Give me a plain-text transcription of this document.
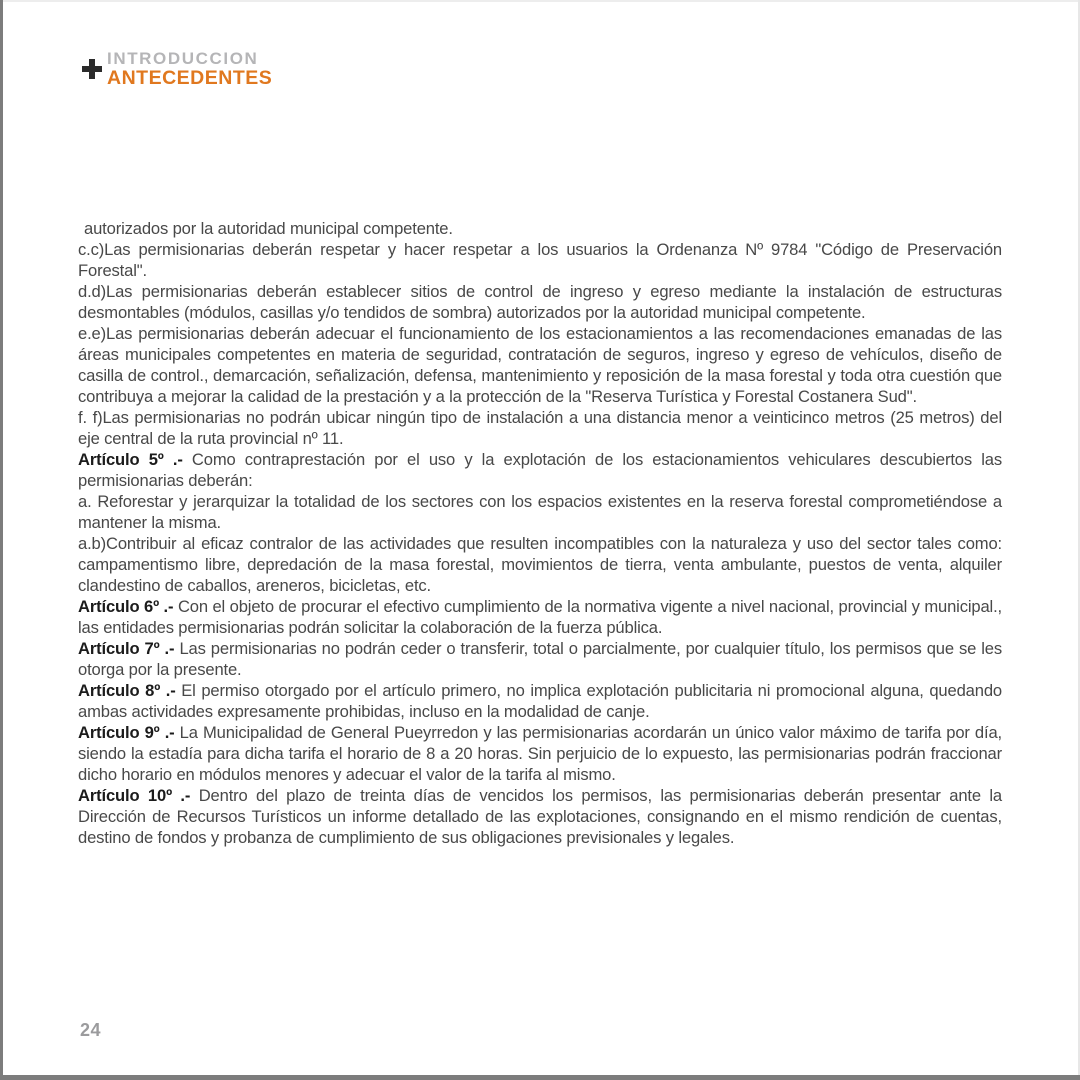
INTRODUCCION
ANTECEDENTES

autorizados por la autoridad municipal competente.

c.c)Las permisionarias deberán respetar y hacer respetar a los usuarios la Ordenanza Nº 9784 "Código de Preservación Forestal".

d.d)Las permisionarias deberán establecer sitios de control de ingreso y egreso mediante la instalación de estructuras desmontables (módulos, casillas y/o tendidos de sombra) autorizados por la autoridad municipal competente.

e.e)Las permisionarias deberán adecuar el funcionamiento de los estacionamientos a las recomendaciones emanadas de las áreas municipales competentes en materia de seguridad, contratación de seguros, ingreso y egreso de vehículos, diseño de casilla de control., demarcación, señalización, defensa, mantenimiento y reposición de la masa forestal y toda otra cuestión que contribuya a mejorar la calidad de la prestación y a la protección de la "Reserva Turística y Forestal Costanera Sud".

f. f)Las permisionarias no podrán ubicar ningún tipo de instalación a una distancia menor a veinticinco metros (25 metros) del eje central de la ruta provincial nº 11.

Artículo 5º .- Como contraprestación por el uso y la explotación de los estacionamientos vehiculares descubiertos las permisionarias deberán:

a. Reforestar y jerarquizar la totalidad de los sectores con los espacios existentes en la reserva forestal comprometiéndose a mantener la misma.

a.b)Contribuir al eficaz contralor de las actividades que resulten incompatibles con la naturaleza y uso del sector tales como: campamentismo libre, depredación de la masa forestal, movimientos de tierra, venta ambulante, puestos de venta, alquiler clandestino de caballos, areneros, bicicletas, etc.

Artículo 6º .- Con el objeto de procurar el efectivo cumplimiento de la normativa vigente a nivel nacional, provincial y municipal., las entidades permisionarias podrán solicitar la colaboración de la fuerza pública.

Artículo 7º .- Las permisionarias no podrán ceder o transferir, total o parcialmente, por cualquier título, los permisos que se les otorga por la presente.

Artículo 8º .- El permiso otorgado por el artículo primero, no implica explotación publicitaria ni promocional alguna, quedando ambas actividades expresamente prohibidas, incluso en la modalidad de canje.

Artículo 9º .- La Municipalidad de General Pueyrredon y las permisionarias acordarán un único valor máximo de tarifa por día, siendo la estadía para dicha tarifa el horario de 8 a 20 horas. Sin perjuicio de lo expuesto, las permisionarias podrán fraccionar dicho horario en módulos menores y adecuar el valor de la tarifa al mismo.

Artículo 10º .- Dentro del plazo de treinta días de vencidos los permisos, las permisionarias deberán presentar ante la Dirección de Recursos Turísticos un informe detallado de las explotaciones, consignando en el mismo rendición de cuentas, destino de fondos y probanza de cumplimiento de sus obligaciones previsionales y legales.

24
